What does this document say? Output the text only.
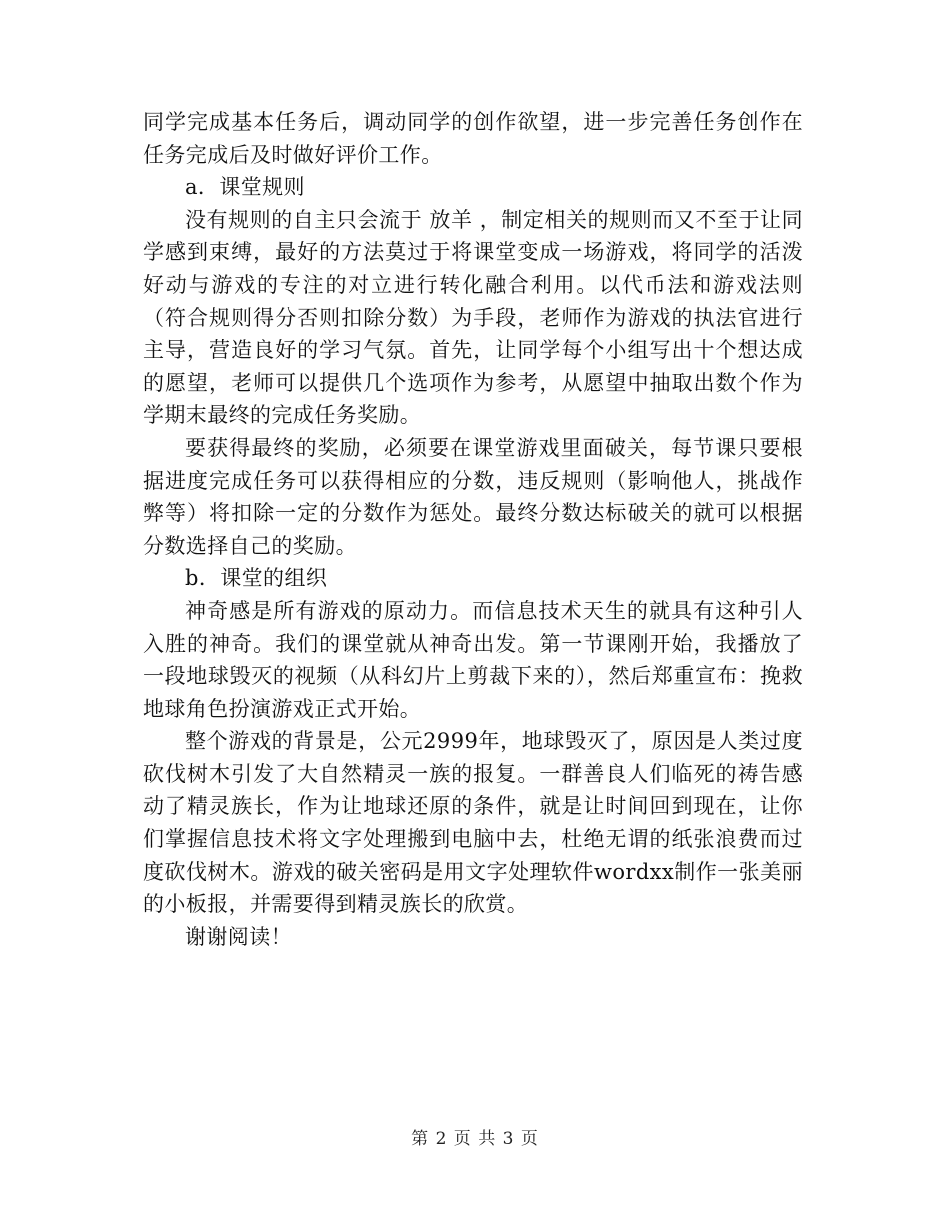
同学完成基本任务后，调动同学的创作欲望，进一步完善任务创作在任务完成后及时做好评价工作。

a．课堂规则

没有规则的自主只会流于 放羊 ，制定相关的规则而又不至于让同学感到束缚，最好的方法莫过于将课堂变成一场游戏，将同学的活泼好动与游戏的专注的对立进行转化融合利用。以代币法和游戏法则（符合规则得分否则扣除分数）为手段，老师作为游戏的执法官进行主导，营造良好的学习气氛。首先，让同学每个小组写出十个想达成的愿望，老师可以提供几个选项作为参考，从愿望中抽取出数个作为学期末最终的完成任务奖励。

要获得最终的奖励，必须要在课堂游戏里面破关，每节课只要根据进度完成任务可以获得相应的分数，违反规则（影响他人，挑战作弊等）将扣除一定的分数作为惩处。最终分数达标破关的就可以根据分数选择自己的奖励。

b．课堂的组织

神奇感是所有游戏的原动力。而信息技术天生的就具有这种引人入胜的神奇。我们的课堂就从神奇出发。第一节课刚开始，我播放了一段地球毁灭的视频（从科幻片上剪裁下来的），然后郑重宣布：挽救地球角色扮演游戏正式开始。

整个游戏的背景是，公元2999年，地球毁灭了，原因是人类过度砍伐树木引发了大自然精灵一族的报复。一群善良人们临死的祷告感动了精灵族长，作为让地球还原的条件，就是让时间回到现在，让你们掌握信息技术将文字处理搬到电脑中去，杜绝无谓的纸张浪费而过度砍伐树木。游戏的破关密码是用文字处理软件wordxx制作一张美丽的小板报，并需要得到精灵族长的欣赏。

谢谢阅读！

第 2 页 共 3 页
